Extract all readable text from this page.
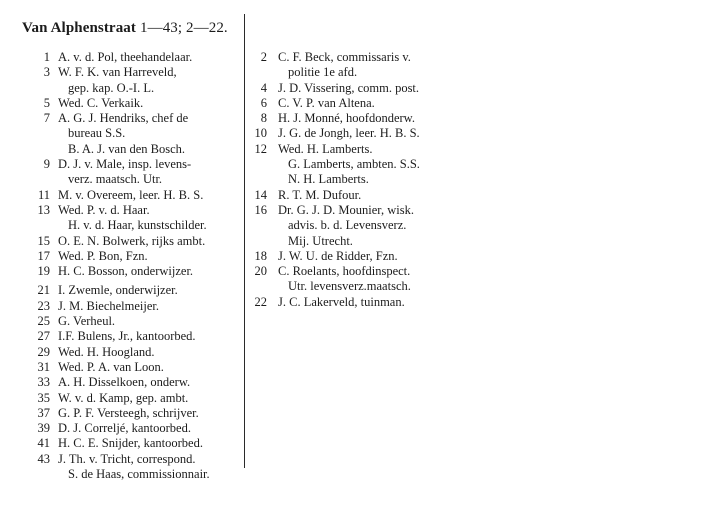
Van Alphenstraat 1—43; 2—22.
1 A. v. d. Pol, theehandelaar.
3 W. F. K. van Harreveld,
gep. kap. O.-I. L.
5 Wed. C. Verkaik.
7 A. G. J. Hendriks, chef de
bureau S.S.
B. A. J. van den Bosch.
9 D. J. v. Male, insp. levens-
verz. maatsch. Utr.
11 M. v. Overeem, leer. H. B. S.
13 Wed. P. v. d. Haar.
H. v. d. Haar, kunstschilder.
15 O. E. N. Bolwerk, rijks ambt.
17 Wed. P. Bon, Fzn.
19 H. C. Bosson, onderwijzer.
21 I. Zwemle, onderwijzer.
23 J. M. Biechelmeijer.
25 G. Verheul.
27 I.F. Bulens, Jr., kantoorbed.
29 Wed. H. Hoogland.
31 Wed. P. A. van Loon.
33 A. H. Disselkoen, onderw.
35 W. v. d. Kamp, gep. ambt.
37 G. P. F. Versteegh, schrijver.
39 D. J. Correljé, kantoorbed.
41 H. C. E. Snijder, kantoorbed.
43 J. Th. v. Tricht, correspond.
S. de Haas, commissionnair.
2 C. F. Beck, commissaris v.
politie 1e afd.
4 J. D. Vissering, comm. post.
6 C. V. P. van Altena.
8 H. J. Monné, hoofdonderw.
10 J. G. de Jongh, leer. H. B. S.
12 Wed. H. Lamberts.
G. Lamberts, ambten. S.S.
N. H. Lamberts.
14 R. T. M. Dufour.
16 Dr. G. J. D. Mounier, wisk.
advis. b. d. Levensverz.
Mij. Utrecht.
18 J. W. U. de Ridder, Fzn.
20 C. Roelants, hoofdinspect.
Utr. levensverz.maatsch.
22 J. C. Lakerveld, tuinman.
